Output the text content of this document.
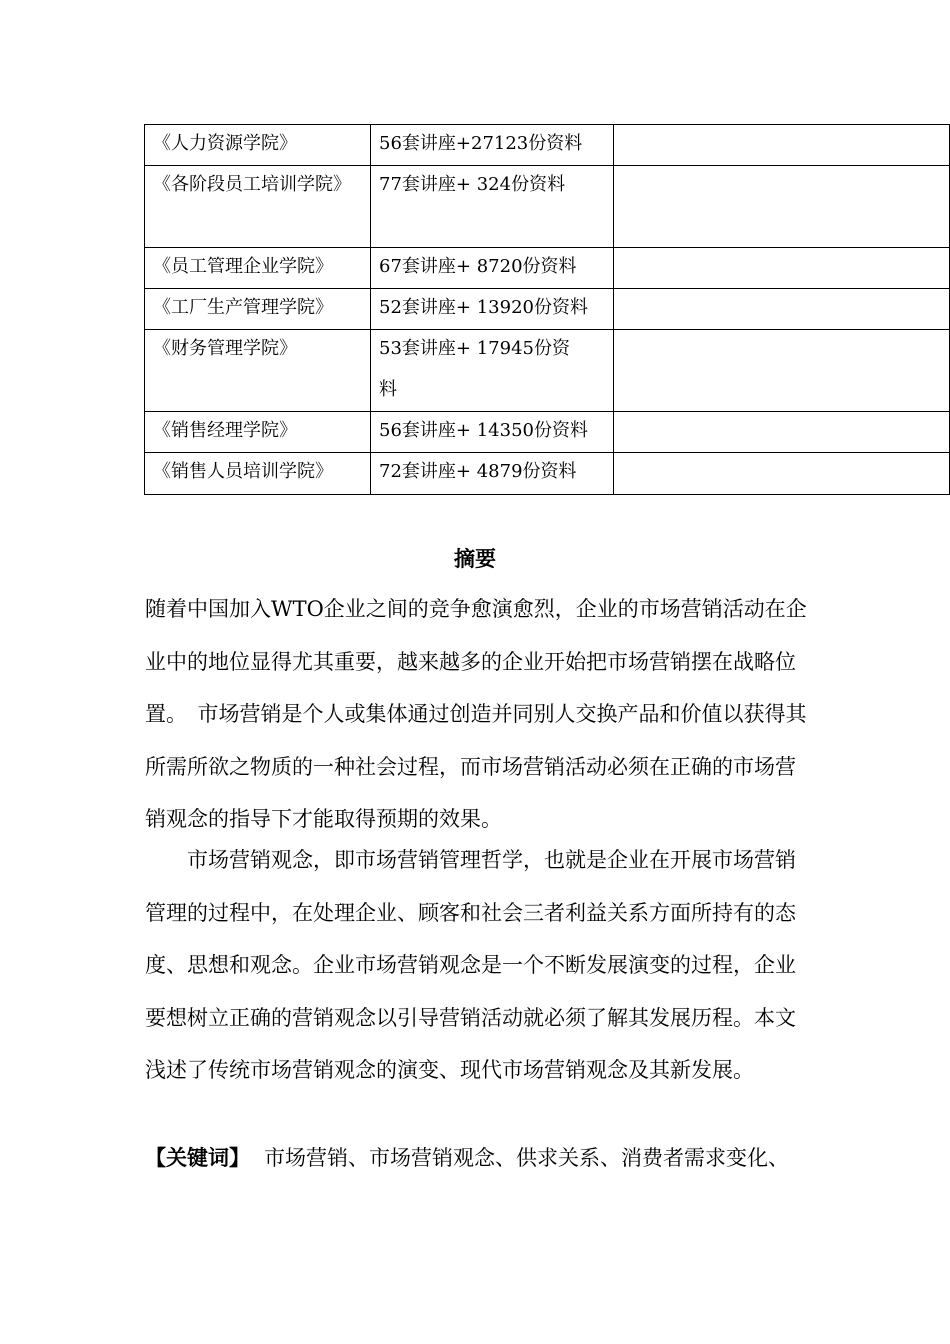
《人力资源学院》	56套讲座+27123份资料	

《各阶段员工培训学院》	77套讲座+ 324份资料	

《员工管理企业学院》	67套讲座+ 8720份资料	

《工厂生产管理学院》	52套讲座+ 13920份资料	

《财务管理学院》	53套讲座+ 17945份资料	

《销售经理学院》	56套讲座+ 14350份资料	

《销售人员培训学院》	72套讲座+ 4879份资料	

摘要

随着中国加入WTO企业之间的竞争愈演愈烈，企业的市场营销活动在企业中的地位显得尤其重要，越来越多的企业开始把市场营销摆在战略位置。　市场营销是个人或集体通过创造并同别人交换产品和价值以获得其所需所欲之物质的一种社会过程，而市场营销活动必须在正确的市场营销观念的指导下才能取得预期的效果。

市场营销观念，即市场营销管理哲学，也就是企业在开展市场营销管理的过程中，在处理企业、顾客和社会三者利益关系方面所持有的态度、思想和观念。企业市场营销观念是一个不断发展演变的过程，企业要想树立正确的营销观念以引导营销活动就必须了解其发展历程。本文浅述了传统市场营销观念的演变、现代市场营销观念及其新发展。

【关键词】 市场营销、市场营销观念、供求关系、消费者需求变化、
